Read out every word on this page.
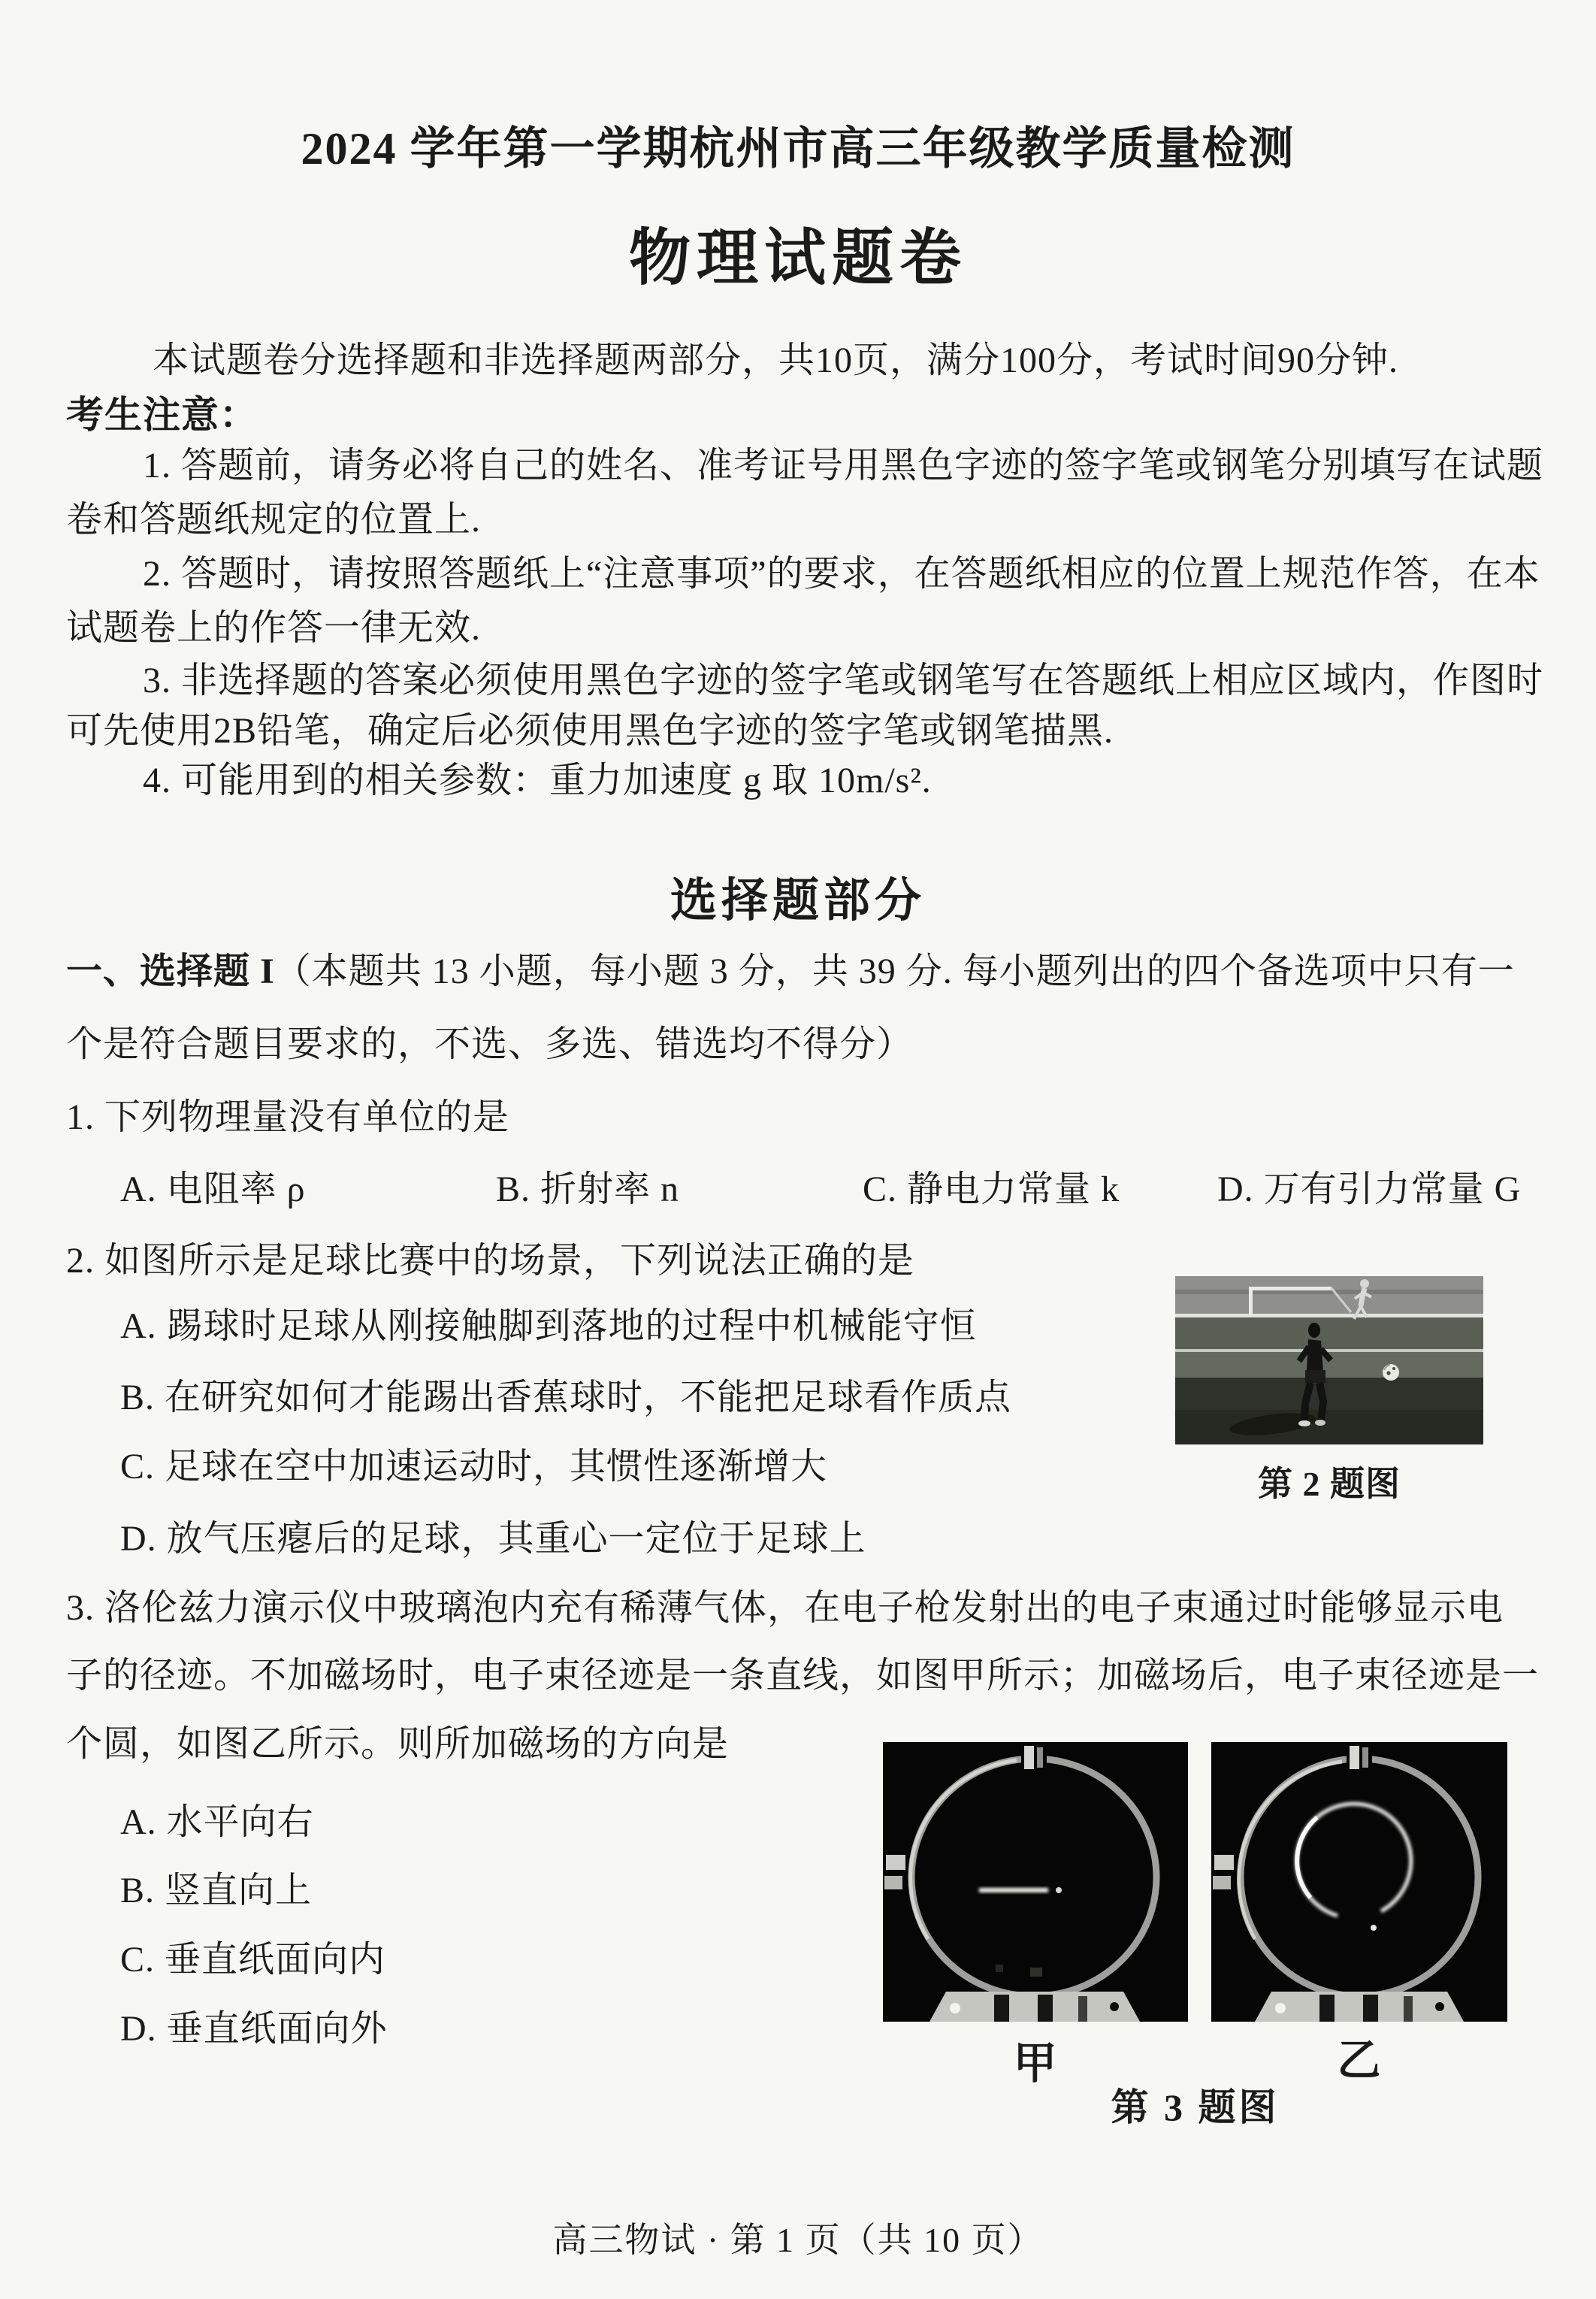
2024 学年第一学期杭州市高三年级教学质量检测
物理试题卷
本试题卷分选择题和非选择题两部分，共10页，满分100分，考试时间90分钟.
考生注意：
1. 答题前，请务必将自己的姓名、准考证号用黑色字迹的签字笔或钢笔分别填写在试题
卷和答题纸规定的位置上.
2. 答题时，请按照答题纸上“注意事项”的要求，在答题纸相应的位置上规范作答，在本
试题卷上的作答一律无效.
3. 非选择题的答案必须使用黑色字迹的签字笔或钢笔写在答题纸上相应区域内，作图时
可先使用2B铅笔，确定后必须使用黑色字迹的签字笔或钢笔描黑.
4. 可能用到的相关参数：重力加速度 g 取 10m/s².
选择题部分
一、选择题 I（本题共 13 小题，每小题 3 分，共 39 分. 每小题列出的四个备选项中只有一
个是符合题目要求的，不选、多选、错选均不得分）
1. 下列物理量没有单位的是
A. 电阻率 ρ	B. 折射率 n	C. 静电力常量 k	D. 万有引力常量 G
2. 如图所示是足球比赛中的场景，下列说法正确的是
A. 踢球时足球从刚接触脚到落地的过程中机械能守恒
B. 在研究如何才能踢出香蕉球时，不能把足球看作质点
C. 足球在空中加速运动时，其惯性逐渐增大
D. 放气压瘪后的足球，其重心一定位于足球上
第 2 题图
3. 洛伦兹力演示仪中玻璃泡内充有稀薄气体，在电子枪发射出的电子束通过时能够显示电
子的径迹。不加磁场时，电子束径迹是一条直线，如图甲所示；加磁场后，电子束径迹是一
个圆，如图乙所示。则所加磁场的方向是
A. 水平向右
B. 竖直向上
C. 垂直纸面向内
D. 垂直纸面向外
甲	乙
第 3 题图
高三物试 · 第 1 页（共 10 页）
